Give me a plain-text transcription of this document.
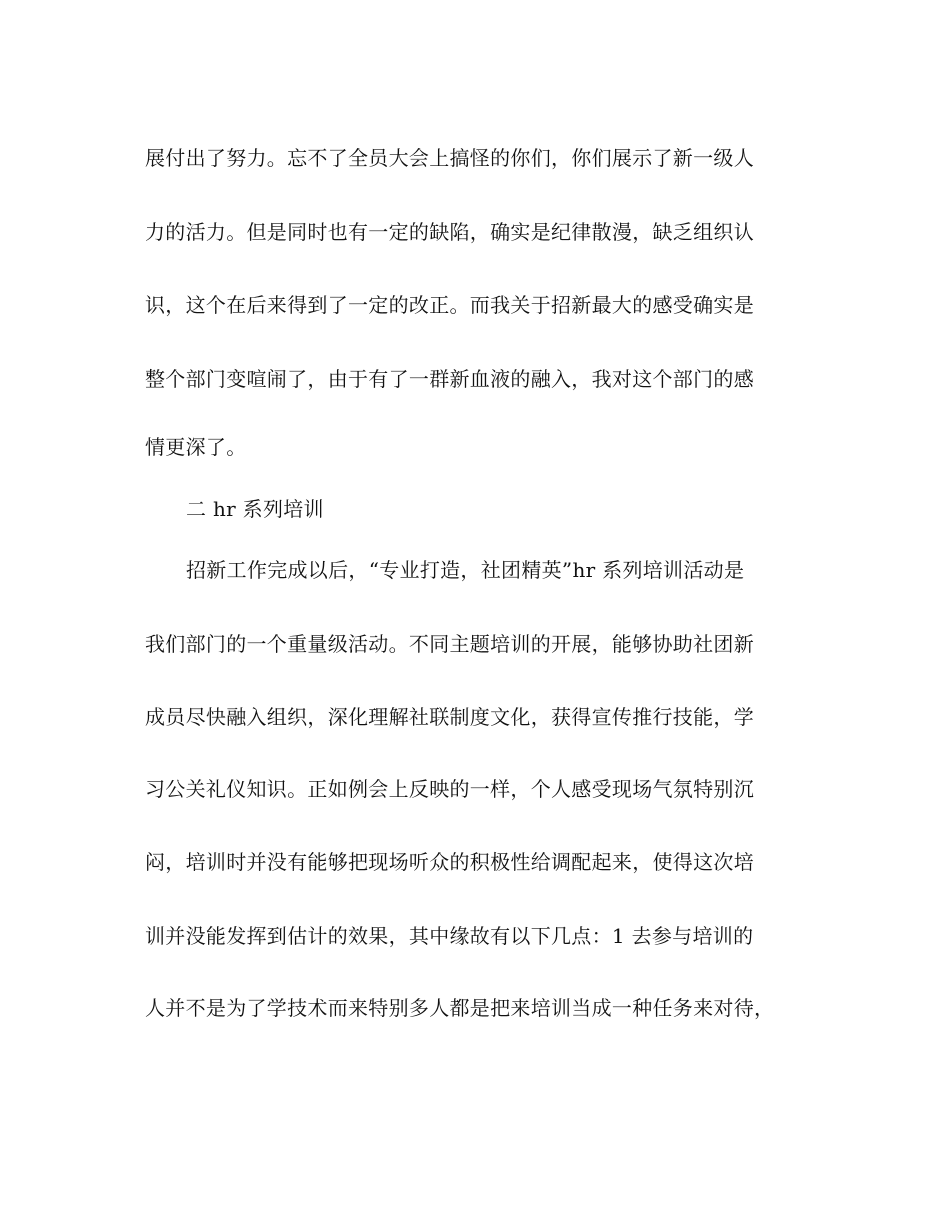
展付出了努力。忘不了全员大会上搞怪的你们，你们展示了新一级人
力的活力。但是同时也有一定的缺陷，确实是纪律散漫，缺乏组织认
识，这个在后来得到了一定的改正。而我关于招新最大的感受确实是
整个部门变喧闹了，由于有了一群新血液的融入，我对这个部门的感
情更深了。
二 hr 系列培训
招新工作完成以后，“专业打造，社团精英”hr 系列培训活动是
我们部门的一个重量级活动。不同主题培训的开展，能够协助社团新
成员尽快融入组织，深化理解社联制度文化，获得宣传推行技能，学
习公关礼仪知识。正如例会上反映的一样，个人感受现场气氛特别沉
闷，培训时并没有能够把现场听众的积极性给调配起来，使得这次培
训并没能发挥到估计的效果，其中缘故有以下几点：1 去参与培训的
人并不是为了学技术而来特别多人都是把来培训当成一种任务来对待，
